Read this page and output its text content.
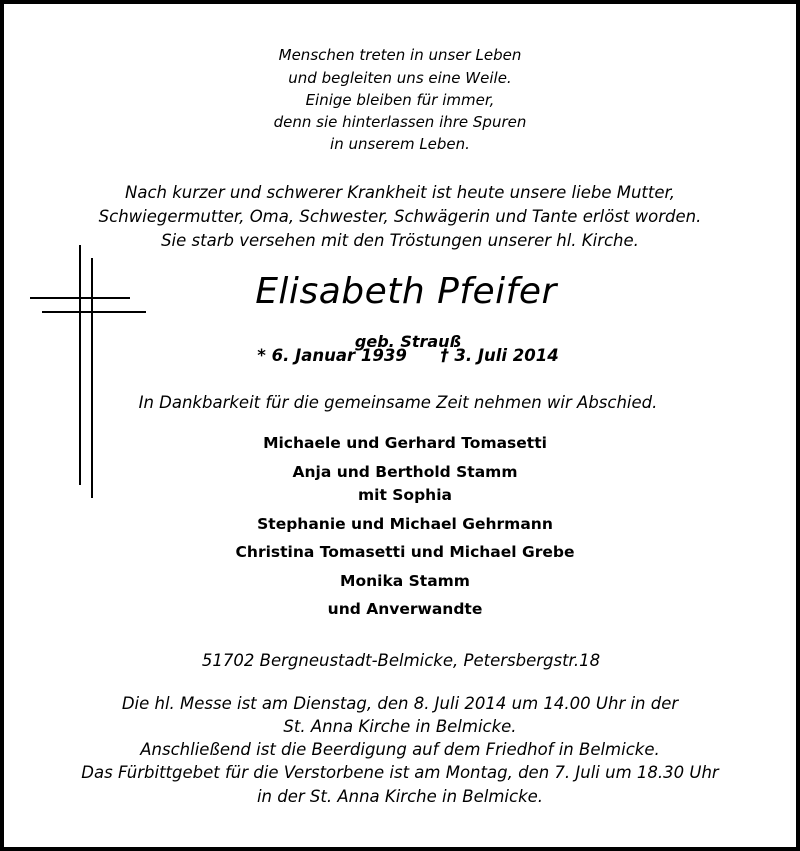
Menschen treten in unser Leben
und begleiten uns eine Weile.
Einige bleiben für immer,
denn sie hinterlassen ihre Spuren
in unserem Leben.
Nach kurzer und schwerer Krankheit ist heute unsere liebe Mutter,
Schwiegermutter, Oma, Schwester, Schwägerin und Tante erlöst worden.
Sie starb versehen mit den Tröstungen unserer hl. Kirche.
Elisabeth Pfeifer
geb. Strauß
* 6. Januar 1939 † 3. Juli 2014
In Dankbarkeit für die gemeinsame Zeit nehmen wir Abschied.
Michaele und Gerhard Tomasetti
Anja und Berthold Stamm
mit Sophia
Stephanie und Michael Gehrmann
Christina Tomasetti und Michael Grebe
Monika Stamm
und Anverwandte
51702 Bergneustadt-Belmicke, Petersbergstr.18
Die hl. Messe ist am Dienstag, den 8. Juli 2014 um 14.00 Uhr in der
St. Anna Kirche in Belmicke.
Anschließend ist die Beerdigung auf dem Friedhof in Belmicke.
Das Fürbittgebet für die Verstorbene ist am Montag, den 7. Juli um 18.30 Uhr
in der St. Anna Kirche in Belmicke.
